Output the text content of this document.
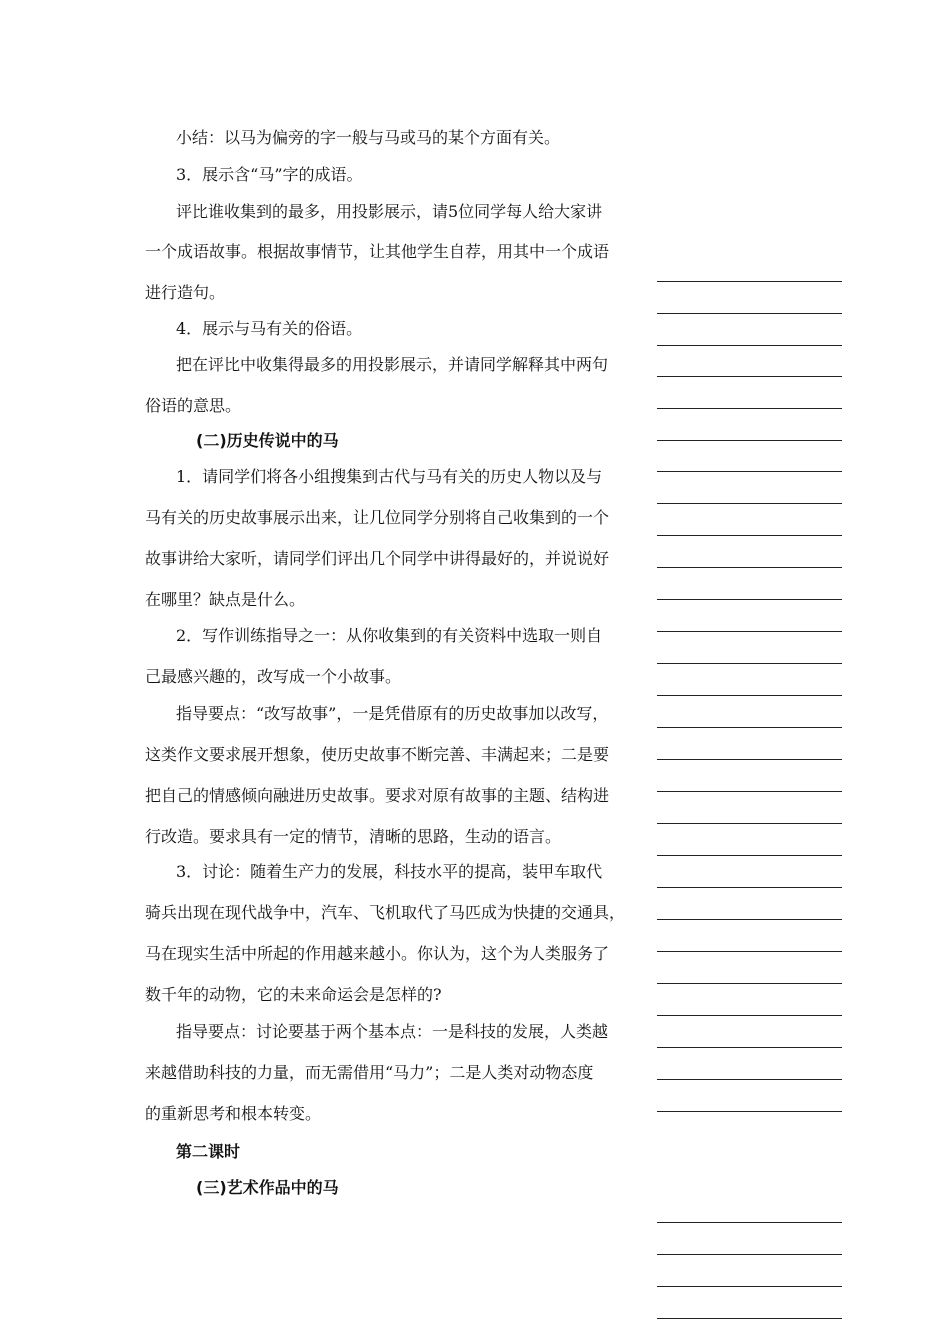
小结：以马为偏旁的字一般与马或马的某个方面有关。
3．展示含“马”字的成语。
评比谁收集到的最多，用投影展示，请5位同学每人给大家讲
一个成语故事。根据故事情节，让其他学生自荐，用其中一个成语
进行造句。
4．展示与马有关的俗语。
把在评比中收集得最多的用投影展示，并请同学解释其中两句
俗语的意思。
(二)历史传说中的马
1．请同学们将各小组搜集到古代与马有关的历史人物以及与
马有关的历史故事展示出来，让几位同学分别将自己收集到的一个
故事讲给大家听，请同学们评出几个同学中讲得最好的，并说说好
在哪里？缺点是什么。
2．写作训练指导之一：从你收集到的有关资料中选取一则自
己最感兴趣的，改写成一个小故事。
指导要点：“改写故事”，一是凭借原有的历史故事加以改写，
这类作文要求展开想象，使历史故事不断完善、丰满起来；二是要
把自己的情感倾向融进历史故事。要求对原有故事的主题、结构进
行改造。要求具有一定的情节，清晰的思路，生动的语言。
3．讨论：随着生产力的发展，科技水平的提高，装甲车取代
骑兵出现在现代战争中，汽车、飞机取代了马匹成为快捷的交通具，
马在现实生活中所起的作用越来越小。你认为，这个为人类服务了
数千年的动物，它的未来命运会是怎样的?
指导要点：讨论要基于两个基本点：一是科技的发展，人类越
来越借助科技的力量，而无需借用“马力”；二是人类对动物态度
的重新思考和根本转变。
第二课时
(三)艺术作品中的马
